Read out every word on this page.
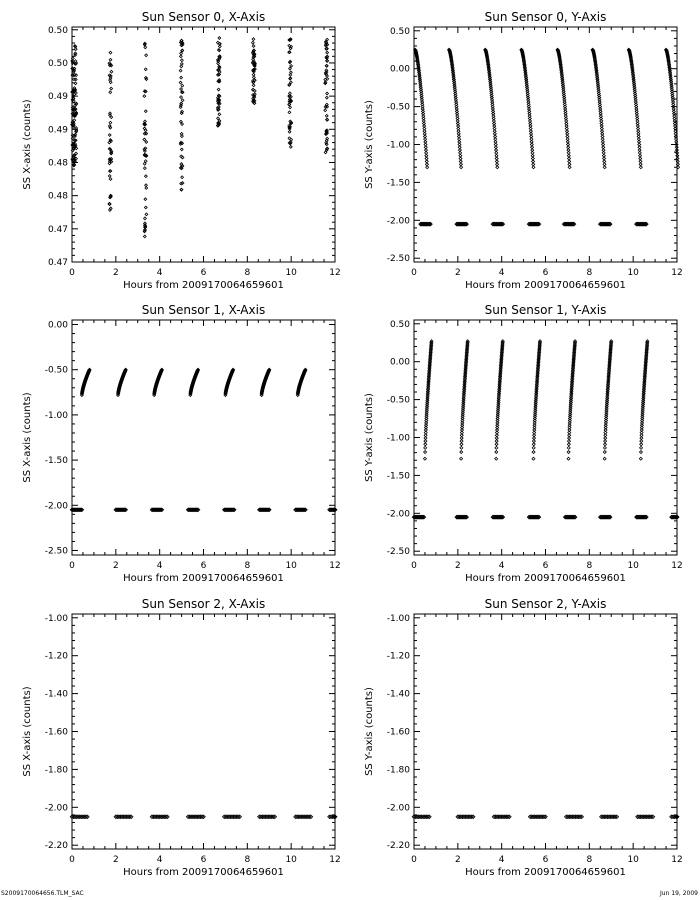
Sun Sensor 0, X-Axis
0	2	4	6	8	10	12
0.47
0.47
0.48
0.48
0.49
0.49
0.50
0.50
Hours from 2009170064659601
SS X-axis (counts)
Sun Sensor 0, Y-Axis
0	2	4	6	8	10	12
-2.50
-2.00
-1.50
-1.00
-0.50
0.00
0.50
Hours from 2009170064659601
SS Y-axis (counts)
Sun Sensor 1, X-Axis
0	2	4	6	8	10	12
-2.50
-2.00
-1.50
-1.00
-0.50
0.00
Hours from 2009170064659601
SS X-axis (counts)
Sun Sensor 1, Y-Axis
0	2	4	6	8	10	12
-2.50
-2.00
-1.50
-1.00
-0.50
0.00
0.50
Hours from 2009170064659601
SS Y-axis (counts)
Sun Sensor 2, X-Axis
0	2	4	6	8	10	12
-2.20
-2.00
-1.80
-1.60
-1.40
-1.20
-1.00
Hours from 2009170064659601
SS X-axis (counts)
Sun Sensor 2, Y-Axis
0	2	4	6	8	10	12
-2.20
-2.00
-1.80
-1.60
-1.40
-1.20
-1.00
Hours from 2009170064659601
SS Y-axis (counts)
S2009170064656.TLM_SAC	Jun 19, 2009
